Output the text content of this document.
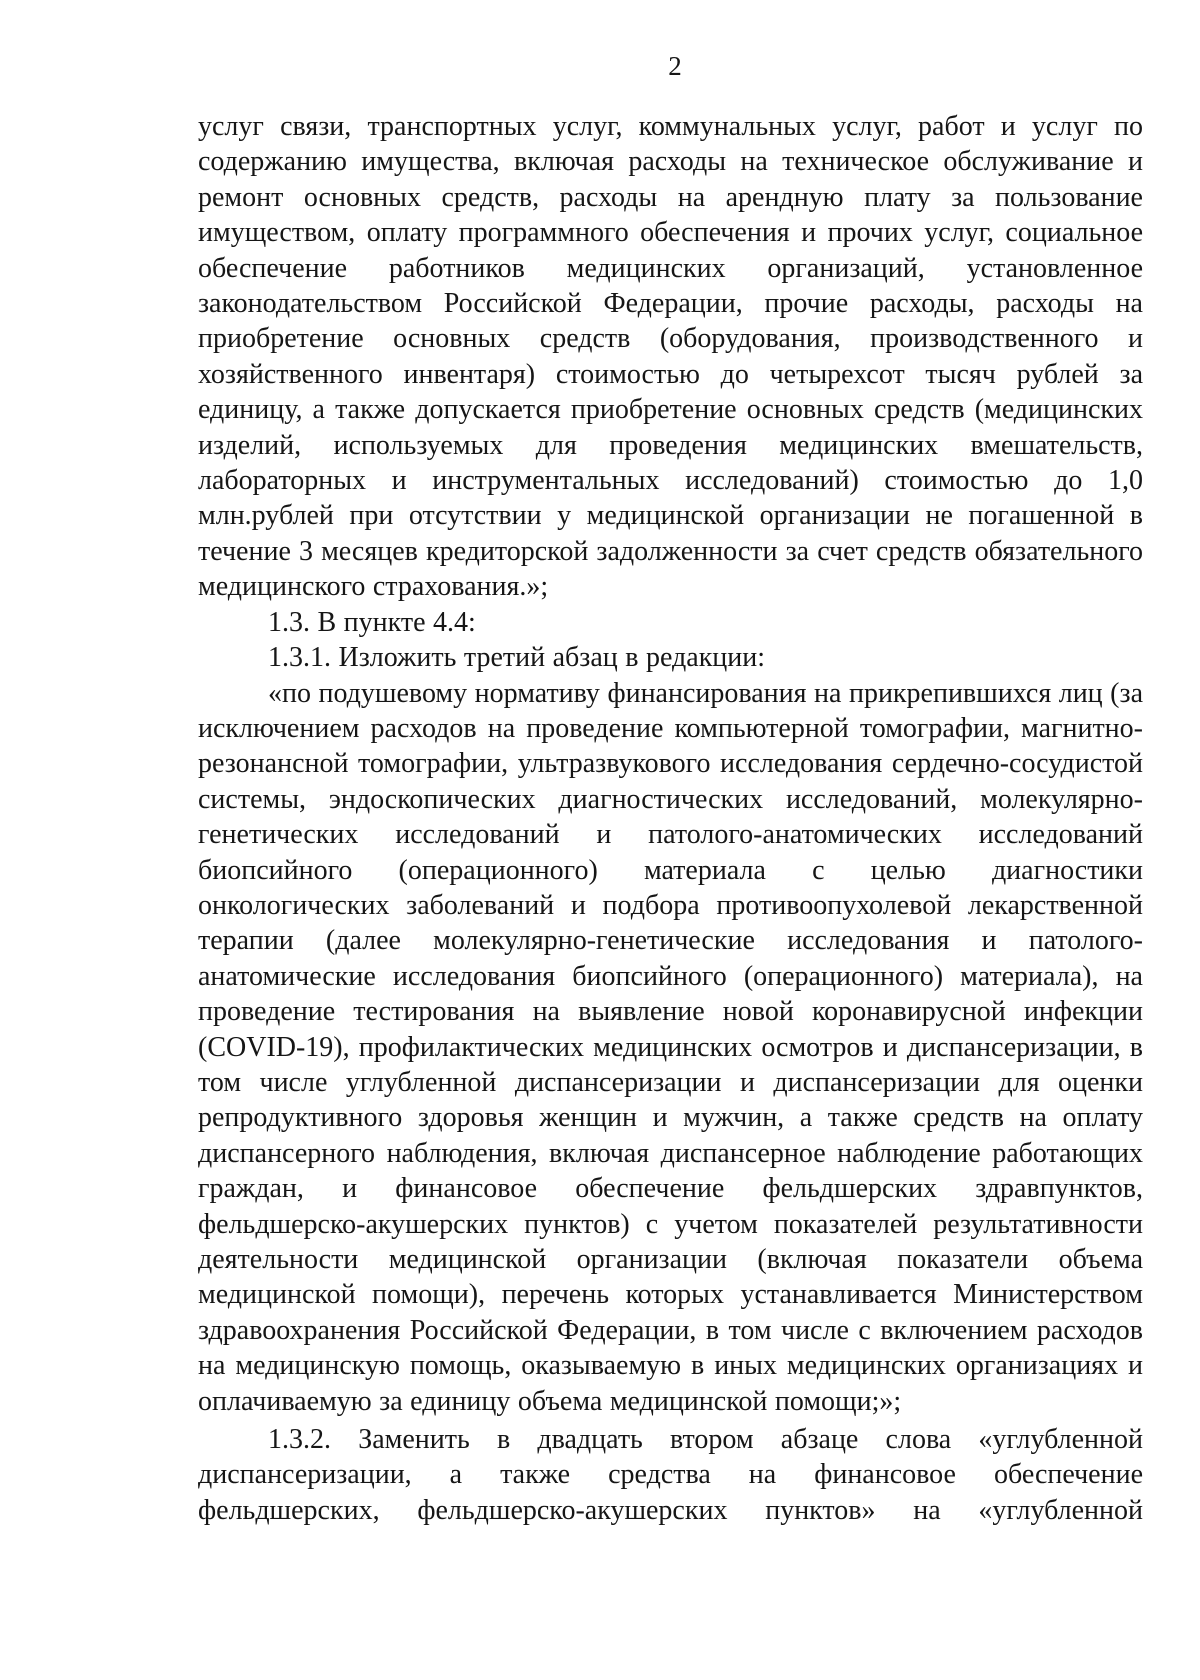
2

услуг связи, транспортных услуг, коммунальных услуг, работ и услуг по содержанию имущества, включая расходы на техническое обслуживание и ремонт основных средств, расходы на арендную плату за пользование имуществом, оплату программного обеспечения и прочих услуг, социальное обеспечение работников медицинских организаций, установленное законодательством Российской Федерации, прочие расходы, расходы на приобретение основных средств (оборудования, производственного и хозяйственного инвентаря) стоимостью до четырехсот тысяч рублей за единицу, а также допускается приобретение основных средств (медицинских изделий, используемых для проведения медицинских вмешательств, лабораторных и инструментальных исследований) стоимостью до 1,0 млн.рублей при отсутствии у медицинской организации не погашенной в течение 3 месяцев кредиторской задолженности за счет средств обязательного медицинского страхования.»;

1.3. В пункте 4.4:

1.3.1. Изложить третий абзац в редакции:

«по подушевому нормативу финансирования на прикрепившихся лиц (за исключением расходов на проведение компьютерной томографии, магнитно-резонансной томографии, ультразвукового исследования сердечно-сосудистой системы, эндоскопических диагностических исследований, молекулярно-генетических исследований и патолого-анатомических исследований биопсийного (операционного) материала с целью диагностики онкологических заболеваний и подбора противоопухолевой лекарственной терапии (далее молекулярно-генетические исследования и патолого-анатомические исследования биопсийного (операционного) материала), на проведение тестирования на выявление новой коронавирусной инфекции (COVID-19), профилактических медицинских осмотров и диспансеризации, в том числе углубленной диспансеризации и диспансеризации для оценки репродуктивного здоровья женщин и мужчин, а также средств на оплату диспансерного наблюдения, включая диспансерное наблюдение работающих граждан, и финансовое обеспечение фельдшерских здравпунктов, фельдшерско-акушерских пунктов) с учетом показателей результативности деятельности медицинской организации (включая показатели объема медицинской помощи), перечень которых устанавливается Министерством здравоохранения Российской Федерации, в том числе с включением расходов на медицинскую помощь, оказываемую в иных медицинских организациях и оплачиваемую за единицу объема медицинской помощи;»;

1.3.2. Заменить в двадцать втором абзаце слова «углубленной диспансеризации, а также средства на финансовое обеспечение фельдшерских, фельдшерско-акушерских пунктов» на «углубленной
